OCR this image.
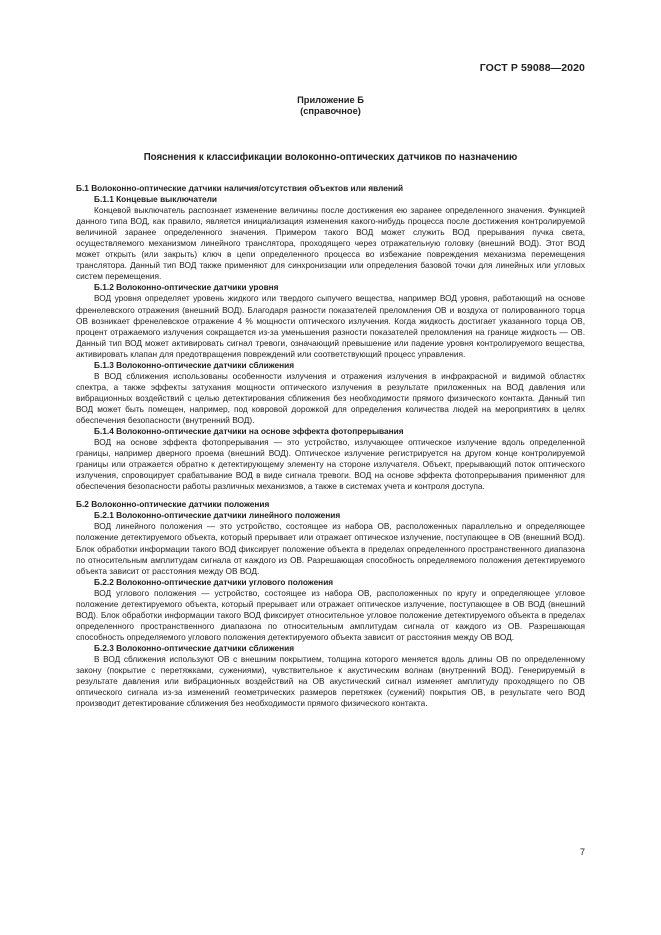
ГОСТ Р 59088—2020
Приложение Б
(справочное)
Пояснения к классификации волоконно-оптических датчиков по назначению

Б.1 Волоконно-оптические датчики наличия/отсутствия объектов или явлений

Б.1.1 Концевые выключатели

Концевой выключатель распознает изменение величины после достижения ею заранее определенного значения. Функцией данного типа ВОД, как правило, является инициализация изменения какого-нибудь процесса после достижения контролируемой величиной заранее определенного значения. Примером такого ВОД может служить ВОД прерывания пучка света, осуществляемого механизмом линейного транслятора, проходящего через отражательную головку (внешний ВОД). Этот ВОД может открыть (или закрыть) ключ в цепи определенного процесса во избежание повреждения механизма перемещения транслятора. Данный тип ВОД также применяют для синхронизации или определения базовой точки для линейных или угловых систем перемещения.

Б.1.2 Волоконно-оптические датчики уровня

ВОД уровня определяет уровень жидкого или твердого сыпучего вещества, например ВОД уровня, работающий на основе френелевского отражения (внешний ВОД). Благодаря разности показателей преломления ОВ и воздуха от полированного торца ОВ возникает френелевское отражение 4 % мощности оптического излучения. Когда жидкость достигает указанного торца ОВ, процент отражаемого излучения сокращается из-за уменьшения разности показателей преломления на границе жидкость — ОВ. Данный тип ВОД может активировать сигнал тревоги, означающий превышение или падение уровня контролируемого вещества, активировать клапан для предотвращения повреждений или соответствующий процесс управления.

Б.1.3 Волоконно-оптические датчики сближения

В ВОД сближения использованы особенности излучения и отражения излучения в инфракрасной и видимой областях спектра, а также эффекты затухания мощности оптического излучения в результате приложенных на ВОД давления или вибрационных воздействий с целью детектирования сближения без необходимости прямого физического контакта. Данный тип ВОД может быть помещен, например, под ковровой дорожкой для определения количества людей на мероприятиях в целях обеспечения безопасности (внутренний ВОД).

Б.1.4 Волоконно-оптические датчики на основе эффекта фотопрерывания

ВОД на основе эффекта фотопрерывания — это устройство, излучающее оптическое излучение вдоль определенной границы, например дверного проема (внешний ВОД). Оптическое излучение регистрируется на другом конце контролируемой границы или отражается обратно к детектирующему элементу на стороне излучателя. Объект, прерывающий поток оптического излучения, спровоцирует срабатывание ВОД в виде сигнала тревоги. ВОД на основе эффекта фотопрерывания применяют для обеспечения безопасности работы различных механизмов, а также в системах учета и контроля доступа.

Б.2 Волоконно-оптические датчики положения

Б.2.1 Волоконно-оптические датчики линейного положения

ВОД линейного положения — это устройство, состоящее из набора ОВ, расположенных параллельно и определяющее положение детектируемого объекта, который прерывает или отражает оптическое излучение, поступающее в ОВ (внешний ВОД). Блок обработки информации такого ВОД фиксирует положение объекта в пределах определенного пространственного диапазона по относительным амплитудам сигнала от каждого из ОВ. Разрешающая способность определяемого положения детектируемого объекта зависит от расстояния между ОВ ВОД.

Б.2.2 Волоконно-оптические датчики углового положения

ВОД углового положения — устройство, состоящее из набора ОВ, расположенных по кругу и определяющее угловое положение детектируемого объекта, который прерывает или отражает оптическое излучение, поступающее в ОВ ВОД (внешний ВОД). Блок обработки информации такого ВОД фиксирует относительное угловое положение детектируемого объекта в пределах определенного пространственного диапазона по относительным амплитудам сигнала от каждого из ОВ. Разрешающая способность определяемого углового положения детектируемого объекта зависит от расстояния между ОВ ВОД.

Б.2.3 Волоконно-оптические датчики сближения

В ВОД сближения используют ОВ с внешним покрытием, толщина которого меняется вдоль длины ОВ по определенному закону (покрытие с перетяжками, сужениями), чувствительное к акустическим волнам (внутренний ВОД). Генерируемый в результате давления или вибрационных воздействий на ОВ акустический сигнал изменяет амплитуду проходящего по ОВ оптического сигнала из-за изменений геометрических размеров перетяжек (сужений) покрытия ОВ, в результате чего ВОД производит детектирование сближения без необходимости прямого физического контакта.

7
